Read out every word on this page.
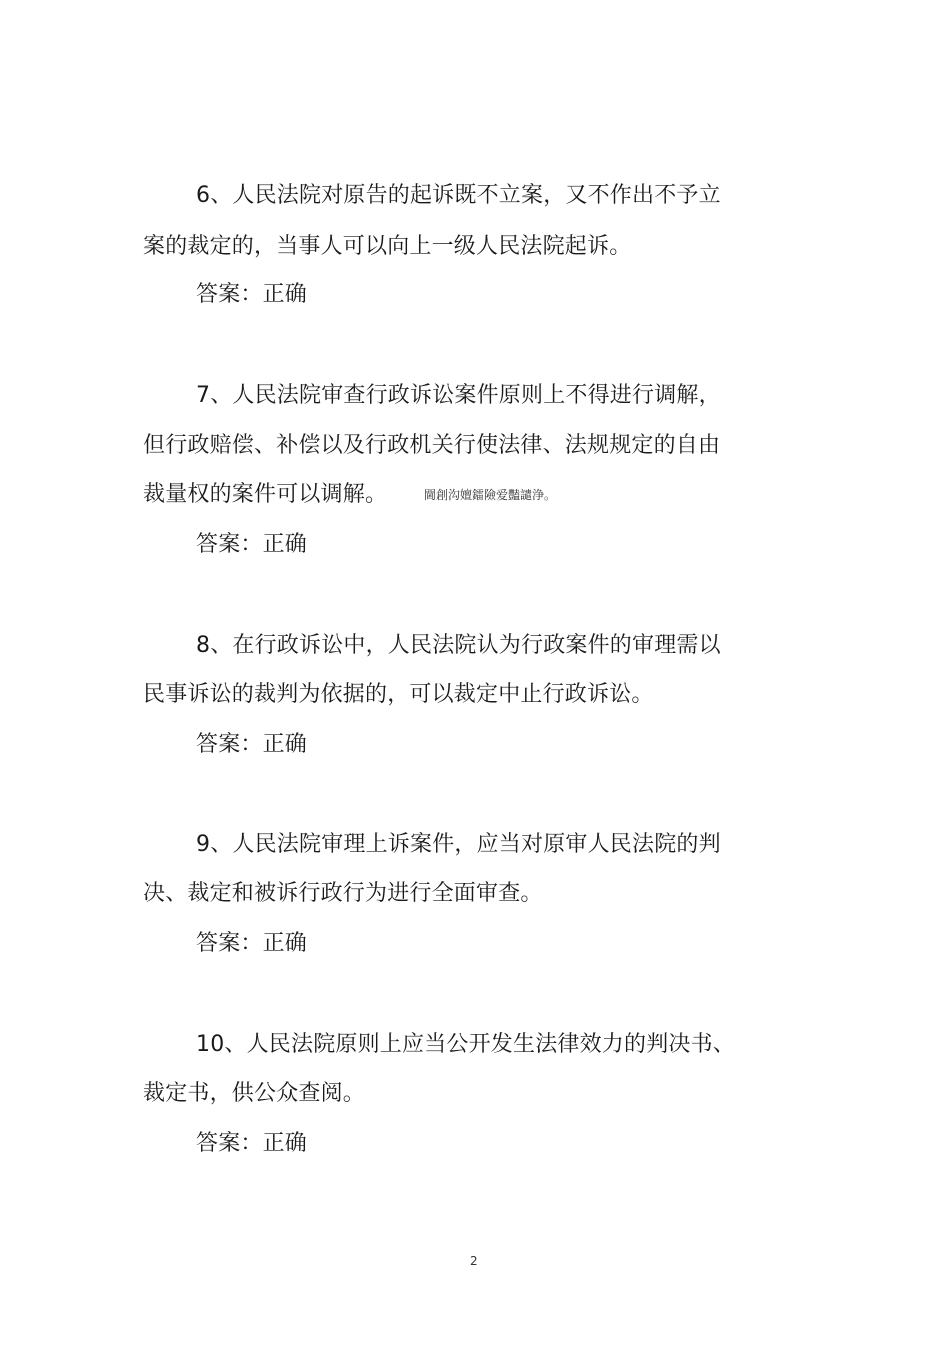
6、人民法院对原告的起诉既不立案，又不作出不予立
案的裁定的，当事人可以向上一级人民法院起诉。
答案：正确
7、人民法院审查行政诉讼案件原则上不得进行调解，
但行政赔偿、补偿以及行政机关行使法律、法规规定的自由
裁量权的案件可以调解。	閫創沟嬗鐳險爱豔譴浄。
答案：正确
8、在行政诉讼中，人民法院认为行政案件的审理需以
民事诉讼的裁判为依据的，可以裁定中止行政诉讼。
答案：正确
9、人民法院审理上诉案件，应当对原审人民法院的判
决、裁定和被诉行政行为进行全面审查。
答案：正确
10、人民法院原则上应当公开发生法律效力的判决书、
裁定书，供公众查阅。
答案：正确
2
